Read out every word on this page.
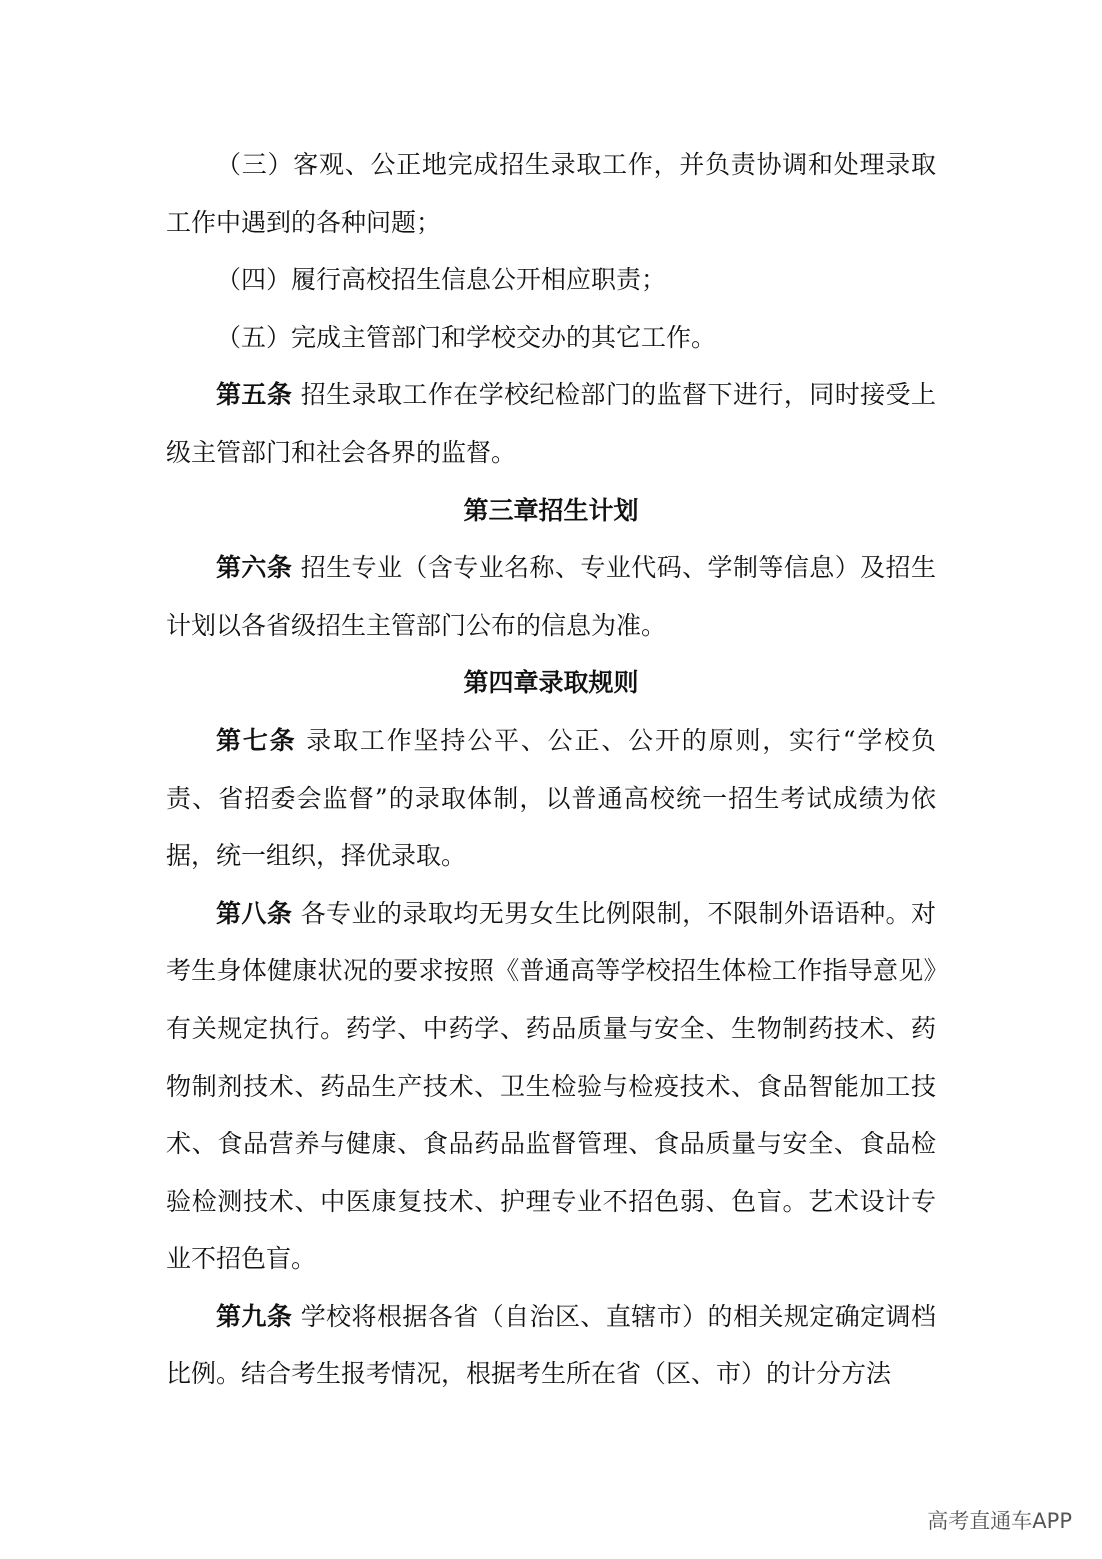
（三）客观、公正地完成招生录取工作，并负责协调和处理录取工作中遇到的各种问题；

（四）履行高校招生信息公开相应职责；

（五）完成主管部门和学校交办的其它工作。

第五条 招生录取工作在学校纪检部门的监督下进行，同时接受上级主管部门和社会各界的监督。

第三章招生计划

第六条 招生专业（含专业名称、专业代码、学制等信息）及招生计划以各省级招生主管部门公布的信息为准。

第四章录取规则

第七条 录取工作坚持公平、公正、公开的原则，实行“学校负责、省招委会监督”的录取体制，以普通高校统一招生考试成绩为依据，统一组织，择优录取。

第八条 各专业的录取均无男女生比例限制，不限制外语语种。对考生身体健康状况的要求按照《普通高等学校招生体检工作指导意见》有关规定执行。药学、中药学、药品质量与安全、生物制药技术、药物制剂技术、药品生产技术、卫生检验与检疫技术、食品智能加工技术、食品营养与健康、食品药品监督管理、食品质量与安全、食品检验检测技术、中医康复技术、护理专业不招色弱、色盲。艺术设计专业不招色盲。

第九条 学校将根据各省（自治区、直辖市）的相关规定确定调档比例。结合考生报考情况，根据考生所在省（区、市）的计分方法

高考直通车APP
